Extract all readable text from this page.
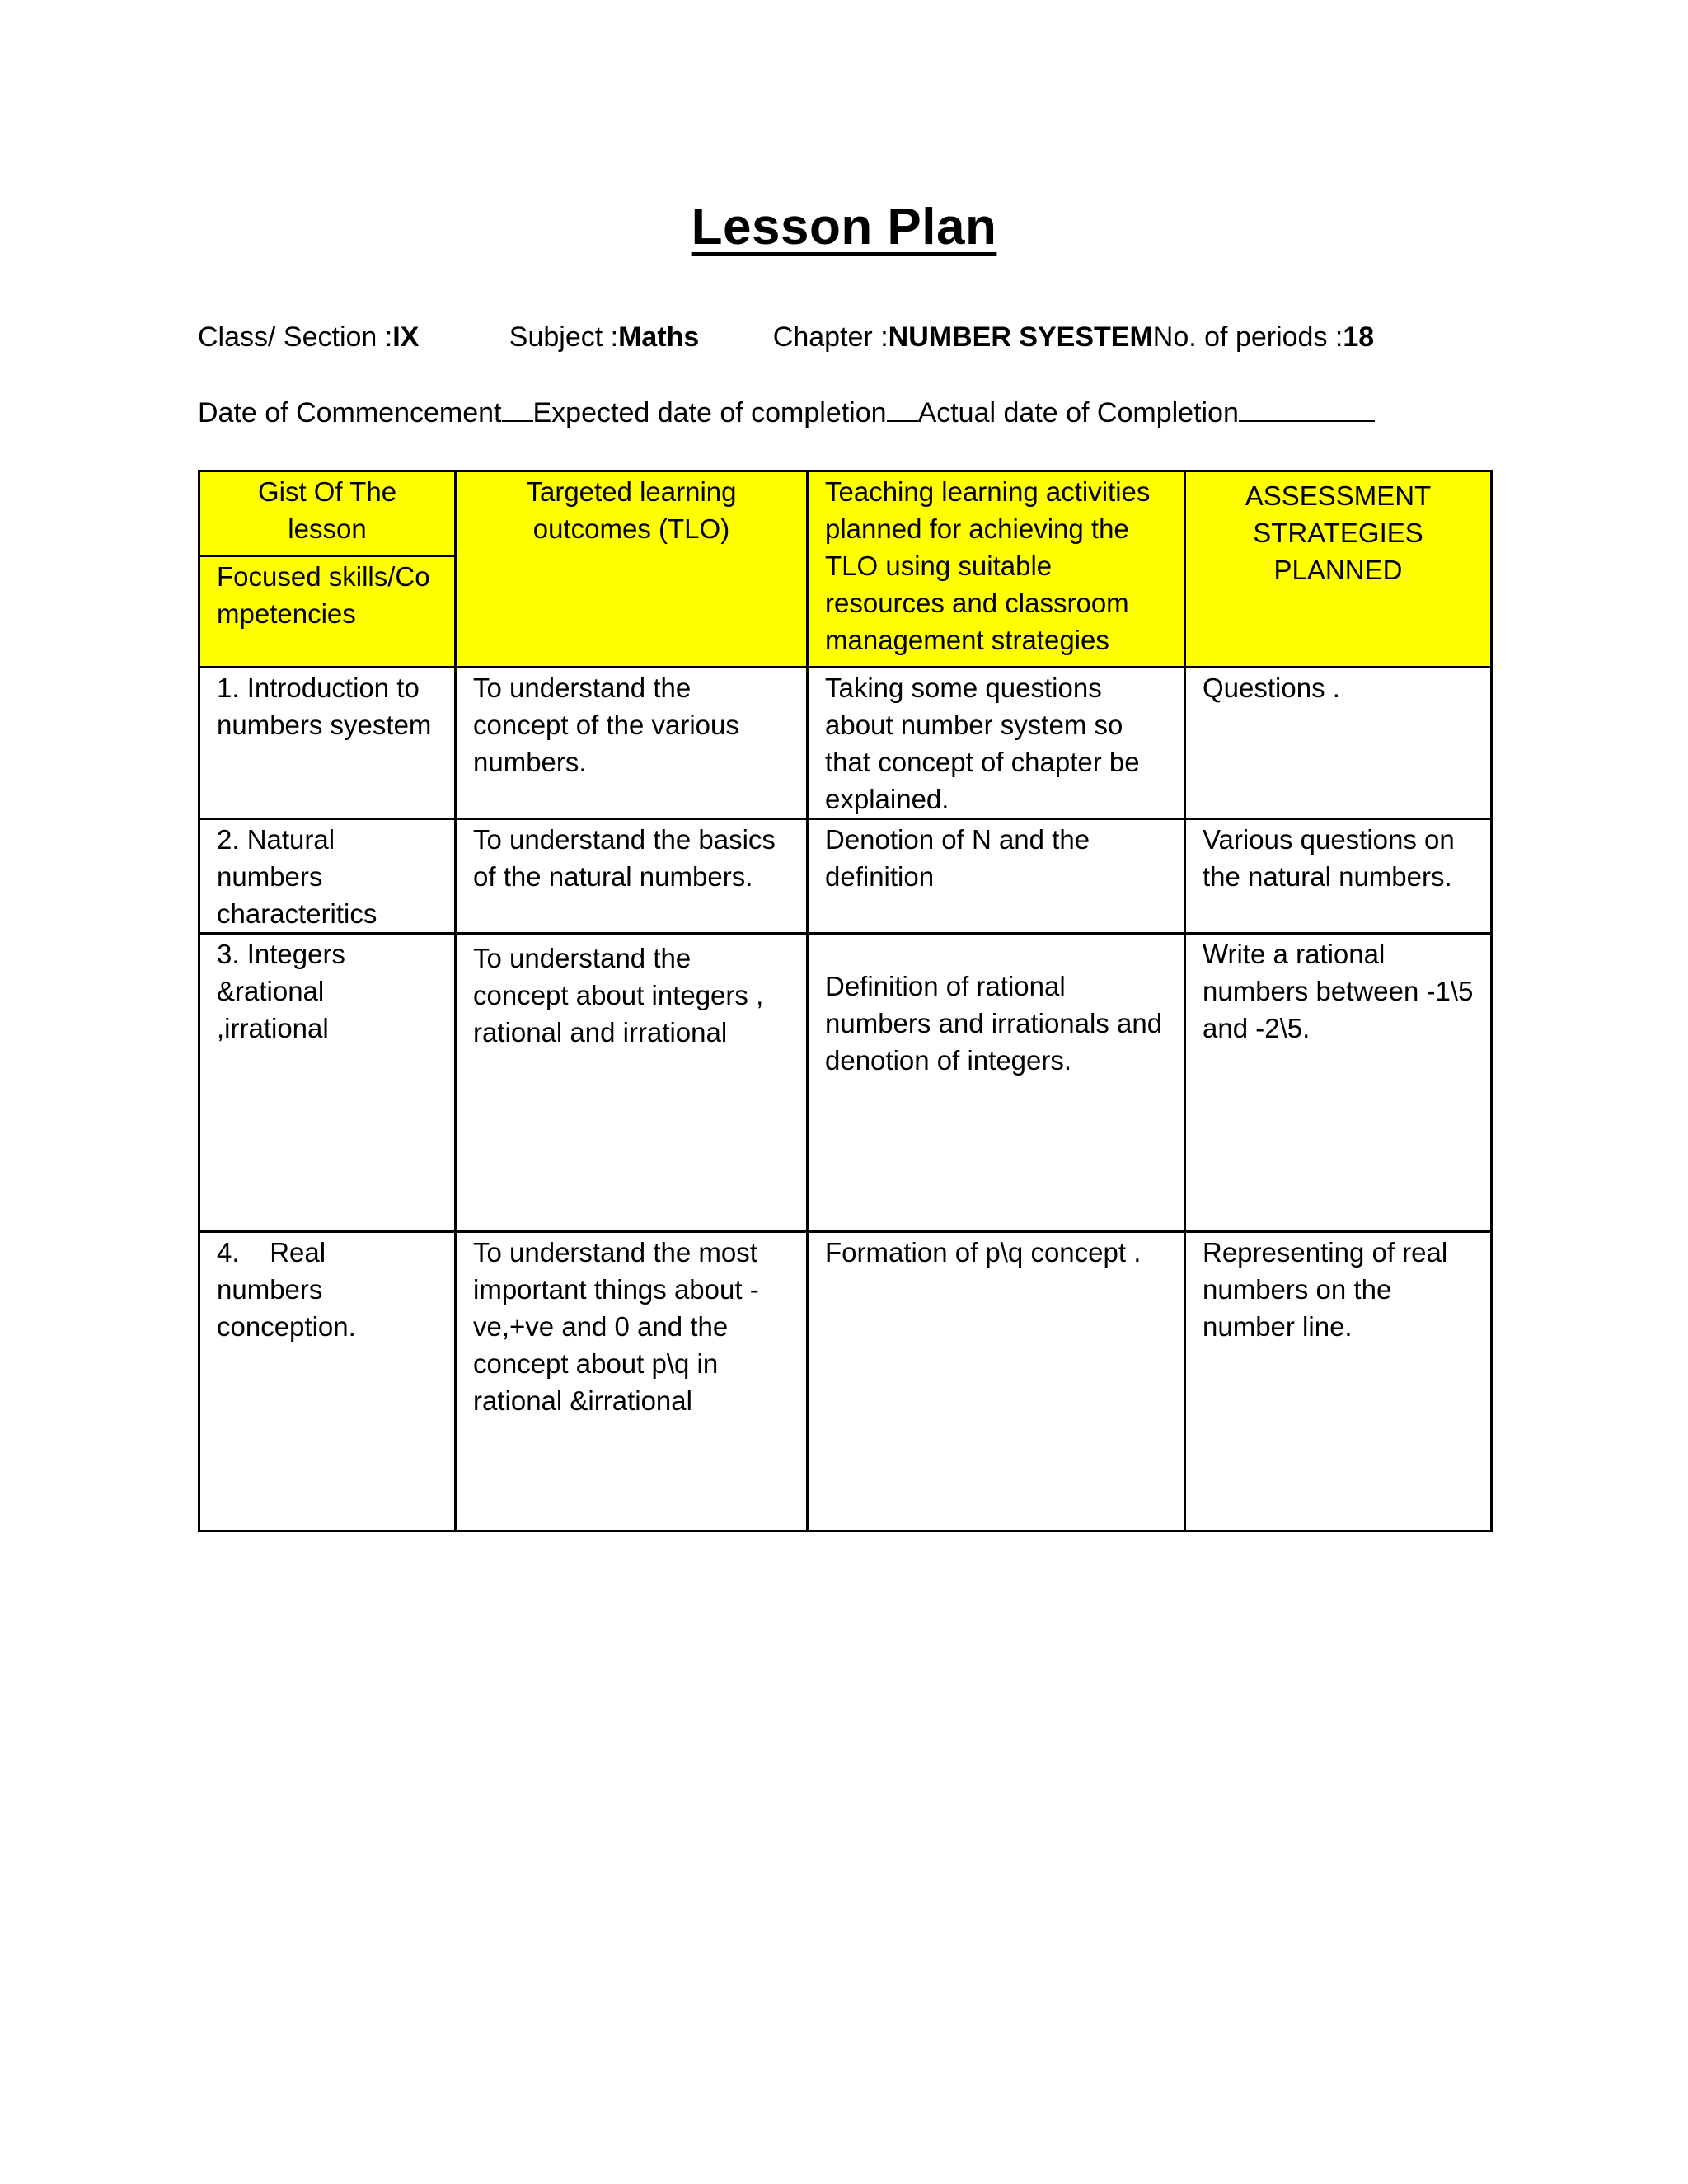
Lesson Plan
Class/ Section :IX	Subject :Maths	Chapter :NUMBER SYESTEMNo. of periods :18
Date of CommencementExpected date of completionActual date of Completion
Gist Of The lesson	Targeted learning outcomes (TLO)	Teaching learning activities planned for achieving the TLO using suitable resources and classroom management strategies	ASSESSMENT STRATEGIES PLANNED
Focused skills/Competencies			
1. Introduction to numbers syestem	To understand the concept of the various numbers.	Taking some questions about number system so that concept of chapter be explained.	Questions .
2. Natural numbers characteritics	To understand the basics of the natural numbers.	Denotion of N and the definition	Various questions on the natural numbers.
3. Integers &rational ,irrational	To understand the concept about integers , rational and irrational	Definition of rational numbers and irrationals and denotion of integers.	Write a rational numbers between -1\5 and -2\5.
4.    Real numbers conception.	To understand the most important things about -ve,+ve and 0 and the concept about p\q in rational &irrational	Formation of p\q concept .	Representing of real numbers on the number line.
